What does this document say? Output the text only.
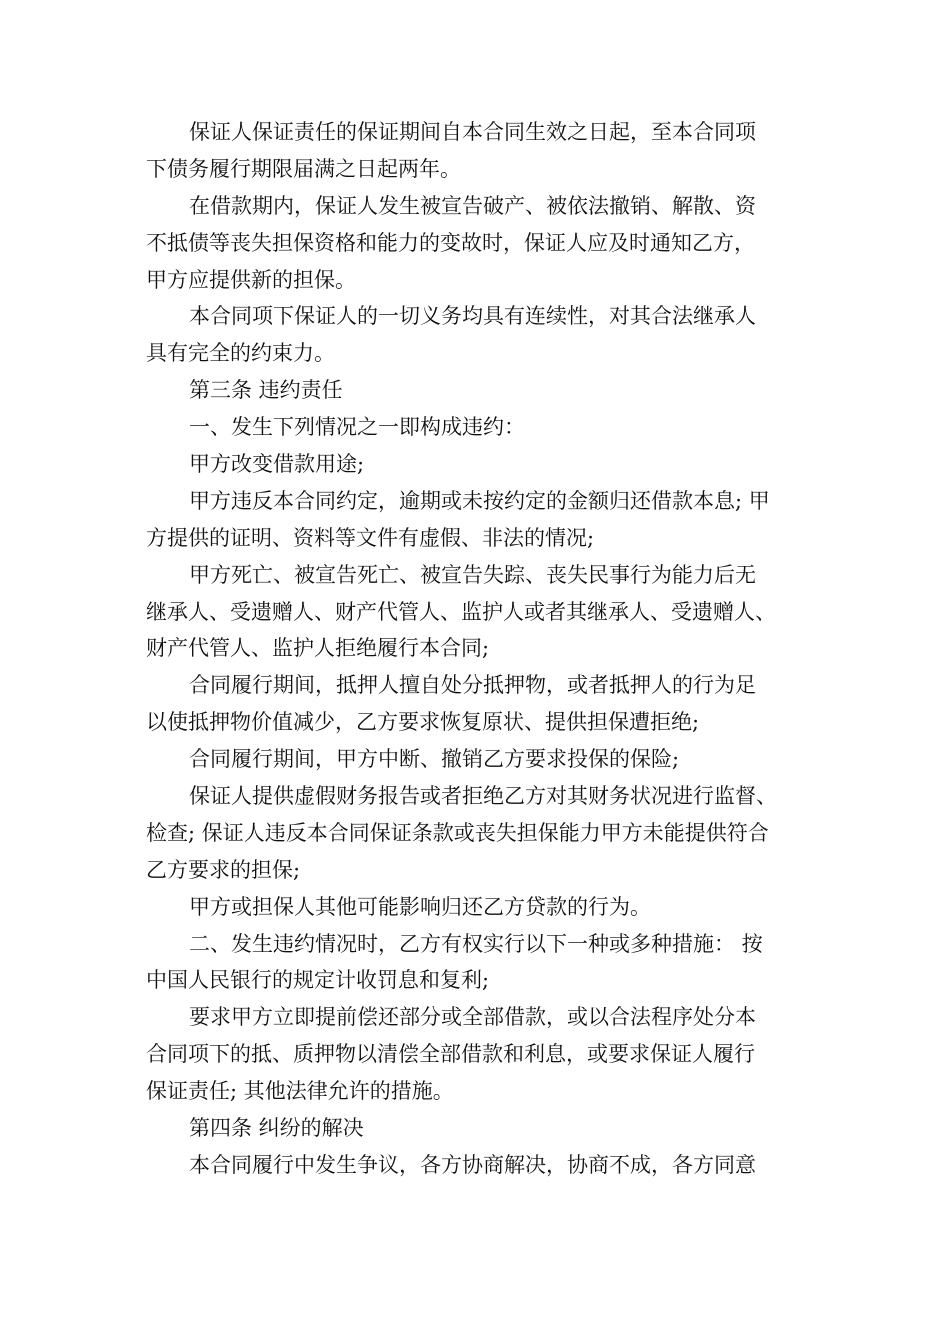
保证人保证责任的保证期间自本合同生效之日起，至本合同项
下债务履行期限届满之日起两年。
在借款期内，保证人发生被宣告破产、被依法撤销、解散、资
不抵债等丧失担保资格和能力的变故时，保证人应及时通知乙方，
甲方应提供新的担保。
本合同项下保证人的一切义务均具有连续性，对其合法继承人
具有完全的约束力。
第三条 违约责任
一、发生下列情况之一即构成违约：
甲方改变借款用途;
甲方违反本合同约定，逾期或未按约定的金额归还借款本息; 甲
方提供的证明、资料等文件有虚假、非法的情况;
甲方死亡、被宣告死亡、被宣告失踪、丧失民事行为能力后无
继承人、受遗赠人、财产代管人、监护人或者其继承人、受遗赠人、
财产代管人、监护人拒绝履行本合同;
合同履行期间，抵押人擅自处分抵押物，或者抵押人的行为足
以使抵押物价值减少，乙方要求恢复原状、提供担保遭拒绝;
合同履行期间，甲方中断、撤销乙方要求投保的保险;
保证人提供虚假财务报告或者拒绝乙方对其财务状况进行监督、
检查; 保证人违反本合同保证条款或丧失担保能力甲方未能提供符合
乙方要求的担保;
甲方或担保人其他可能影响归还乙方贷款的行为。
二、发生违约情况时，乙方有权实行以下一种或多种措施： 按
中国人民银行的规定计收罚息和复利;
要求甲方立即提前偿还部分或全部借款，或以合法程序处分本
合同项下的抵、质押物以清偿全部借款和利息，或要求保证人履行
保证责任; 其他法律允许的措施。
第四条 纠纷的解决
本合同履行中发生争议，各方协商解决，协商不成，各方同意
